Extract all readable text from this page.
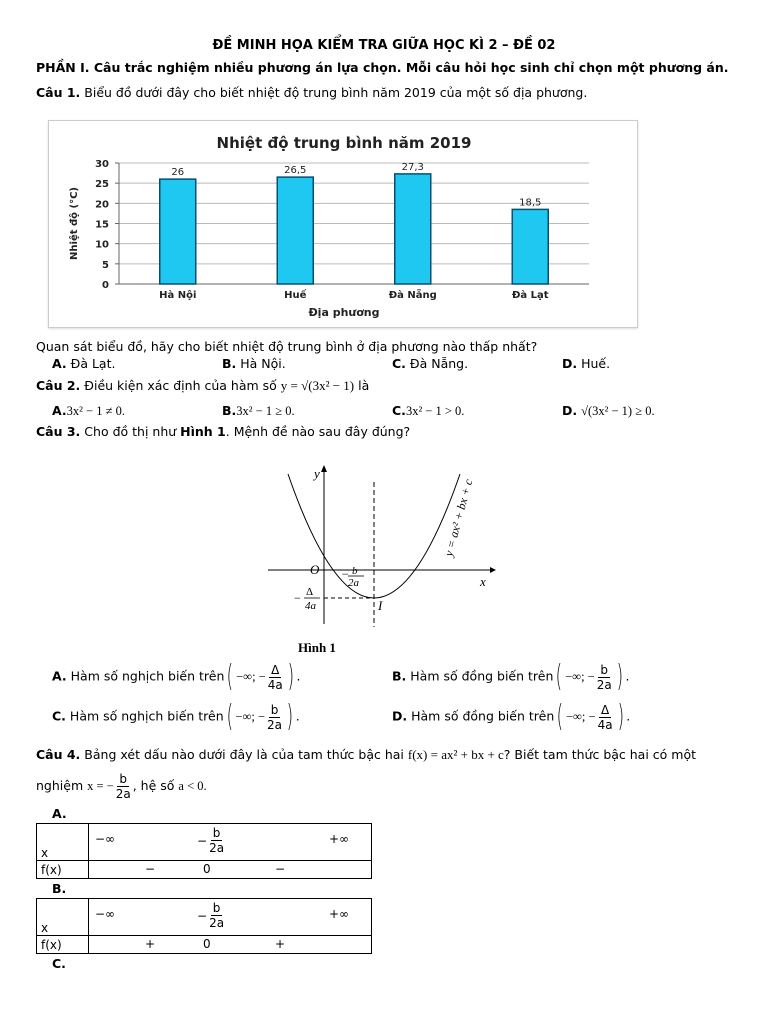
ĐỀ MINH HỌA KIỂM TRA GIỮA HỌC KÌ 2 – ĐỀ 02
PHẦN I. Câu trắc nghiệm nhiều phương án lựa chọn. Mỗi câu hỏi học sinh chỉ chọn một phương án.
Câu 1. Biểu đồ dưới đây cho biết nhiệt độ trung bình năm 2019 của một số địa phương.
Nhiệt độ trung bình năm 2019
0
5
10
15
20
25
30
Nhiệt độ (°C)
26
Hà Nội
26,5
Huế
27,3
Đà Nẵng
18,5
Đà Lạt
Địa phương
Quan sát biểu đồ, hãy cho biết nhiệt độ trung bình ở địa phương nào thấp nhất?
A. Đà Lạt.	B. Hà Nội.	C. Đà Nẵng.	D. Huế.
Câu 2. Điều kiện xác định của hàm số y = √(3x² − 1) là
A.3x² − 1 ≠ 0.	B.3x² − 1 ≥ 0.	C.3x² − 1 > 0.	D. √(3x² − 1) ≥ 0.
Câu 3. Cho đồ thị như Hình 1. Mệnh đề nào sau đây đúng?
y
x
O
I
y = ax² + bx + c
− b
2a
− Δ
4a
Hình 1
A. Hàm số nghịch biến trên( −∞; − $\frac{\Delta}{4a}$ ) .	B. Hàm số đồng biến trên( −∞; − $\frac{b}{2a}$ ) .
C. Hàm số nghịch biến trên( −∞; − $\frac{b}{2a}$ ) .	D. Hàm số đồng biến trên( −∞; − $\frac{\Delta}{4a}$ ) .
Câu 4. Bảng xét dấu nào dưới đây là của tam thức bậc hai f(x) = ax² + bx + c? Biết tam thức bậc hai có một
nghiệm x = − $\frac{b}{2a}$ , hệ số a < 0.
A.
x	−∞ − $\frac{b}{2a}$ +∞

f(x)	− 0 −
B.
x	−∞ − $\frac{b}{2a}$ +∞

f(x)	+ 0 +
C.
